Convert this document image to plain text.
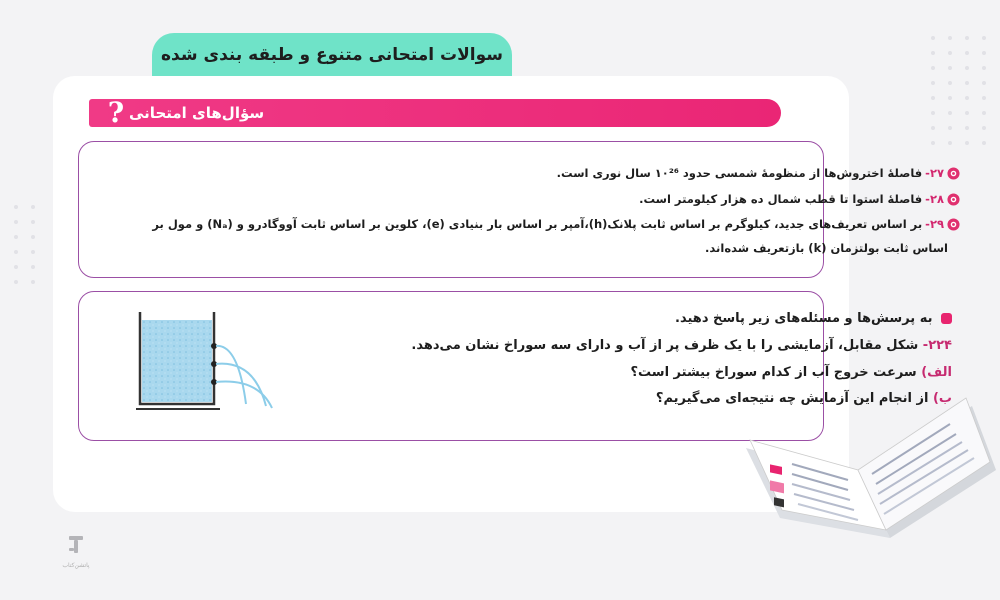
سوالات امتحانی متنوع و طبقه بندی شده
? سؤال‌های امتحانی
۲۷-
فاصلهٔ اختروش‌ها از منظومهٔ شمسی حدود ۱۰²⁶ سال نوری است.
۲۸-
فاصلهٔ استوا تا قطب شمال ده هزار کیلومتر است.
۲۹-
بر اساس تعریف‌های جدید، کیلوگرم بر اساس ثابت پلانک(h)،آمپر بر اساس بار بنیادی (e)، کلوین بر اساس ثابت آووگادرو و (Nₐ) و مول بر
اساس ثابت بولتزمان (k) بازتعریف شده‌اند.
به پرسش‌ها و مسئله‌های زیر پاسخ دهید.
۲۲۴- شکل مقابل، آزمایشی را با یک ظرف پر از آب و دارای سه سوراخ نشان می‌دهد.
الف) سرعت خروج آب از کدام سوراخ بیشتر است؟
ب) از انجام این آزمایش چه نتیجه‌ای می‌گیریم؟
پاتشن‌کتاب
